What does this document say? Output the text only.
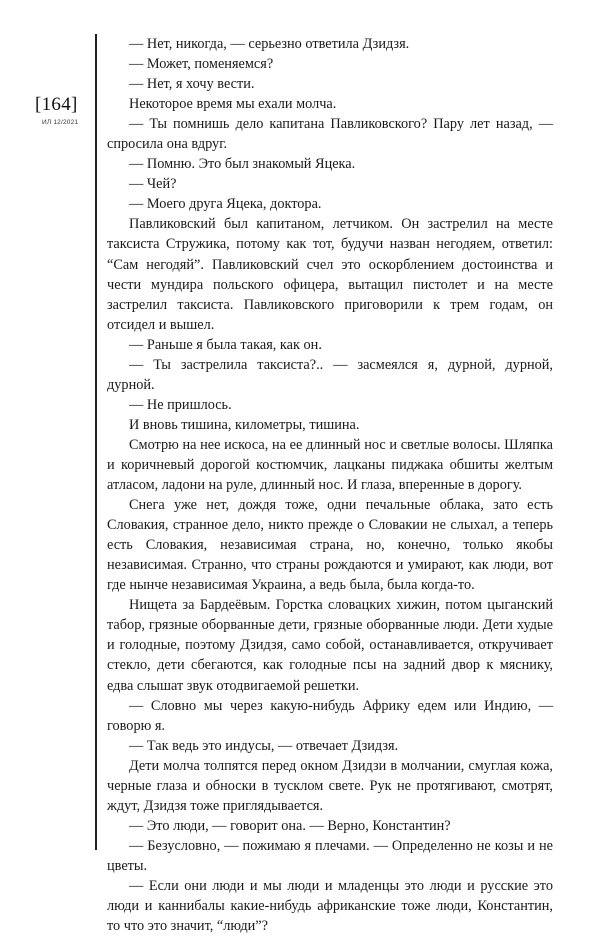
[164]
ИЛ 12/2021

— Нет, никогда, — серьезно ответила Дзидзя.

— Может, поменяемся?

— Нет, я хочу вести.

Некоторое время мы ехали молча.

— Ты помнишь дело капитана Павликовского? Пару лет назад, — спросила она вдруг.

— Помню. Это был знакомый Яцека.

— Чей?

— Моего друга Яцека, доктора.

Павликовский был капитаном, летчиком. Он застрелил на месте таксиста Стружика, потому как тот, будучи назван негодяем, ответил: “Сам негодяй”. Павликовский счел это оскорблением достоинства и чести мундира польского офицера, вытащил пистолет и на месте застрелил таксиста. Павликовского приговорили к трем годам, он отсидел и вышел.

— Раньше я была такая, как он.

— Ты застрелила таксиста?.. — засмеялся я, дурной, дурной, дурной.

— Не пришлось.

И вновь тишина, километры, тишина.

Смотрю на нее искоса, на ее длинный нос и светлые волосы. Шляпка и коричневый дорогой костюмчик, лацканы пиджака обшиты желтым атласом, ладони на руле, длинный нос. И глаза, вперенные в дорогу.

Снега уже нет, дождя тоже, одни печальные облака, зато есть Словакия, странное дело, никто прежде о Словакии не слыхал, а теперь есть Словакия, независимая страна, но, конечно, только якобы независимая. Странно, что страны рождаются и умирают, как люди, вот где нынче независимая Украина, а ведь была, была когда-то.

Нищета за Бардеёвым. Горстка словацких хижин, потом цыганский табор, грязные оборванные дети, грязные оборванные люди. Дети худые и голодные, поэтому Дзидзя, само собой, останавливается, откручивает стекло, дети сбегаются, как голодные псы на задний двор к мяснику, едва слышат звук отодвигаемой решетки.

— Словно мы через какую-нибудь Африку едем или Индию, — говорю я.

— Так ведь это индусы, — отвечает Дзидзя.

Дети молча толпятся перед окном Дзидзи в молчании, смуглая кожа, черные глаза и обноски в тусклом свете. Рук не протягивают, смотрят, ждут, Дзидзя тоже приглядывается.

— Это люди, — говорит она. — Верно, Константин?

— Безусловно, — пожимаю я плечами. — Определенно не козы и не цветы.

— Если они люди и мы люди и младенцы это люди и русские это люди и каннибалы какие-нибудь африканские тоже люди, Константин, то что это значит, “люди”?
